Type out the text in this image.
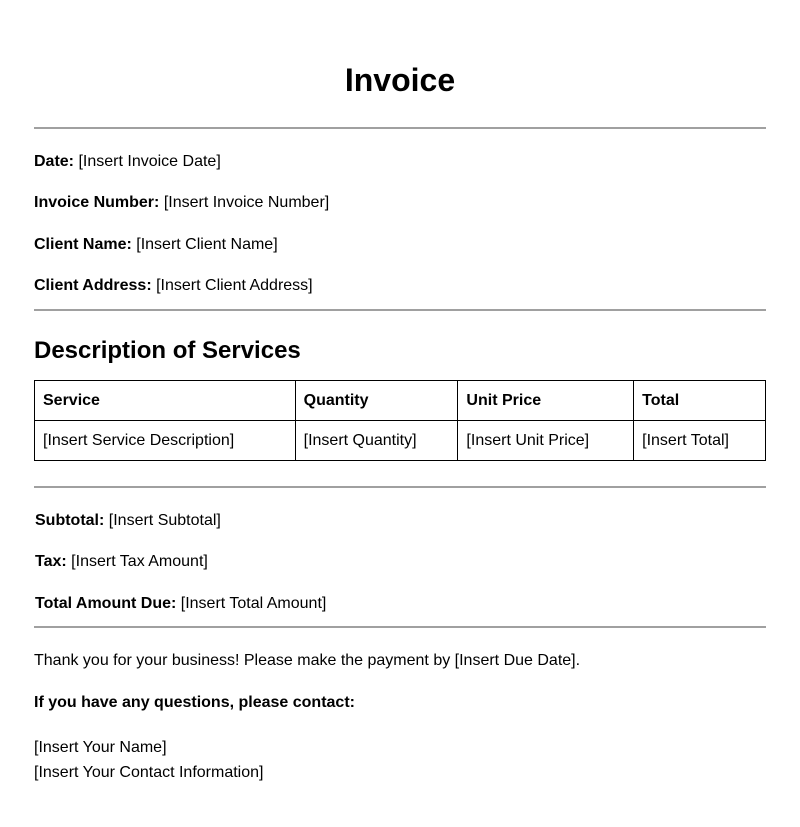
Invoice
Date: [Insert Invoice Date]
Invoice Number: [Insert Invoice Number]
Client Name: [Insert Client Name]
Client Address: [Insert Client Address]
Description of Services
Service	Quantity	Unit Price	Total
[Insert Service Description]	[Insert Quantity]	[Insert Unit Price]	[Insert Total]
Subtotal: [Insert Subtotal]
Tax: [Insert Tax Amount]
Total Amount Due: [Insert Total Amount]
Thank you for your business! Please make the payment by [Insert Due Date].
If you have any questions, please contact:
[Insert Your Name]
[Insert Your Contact Information]
